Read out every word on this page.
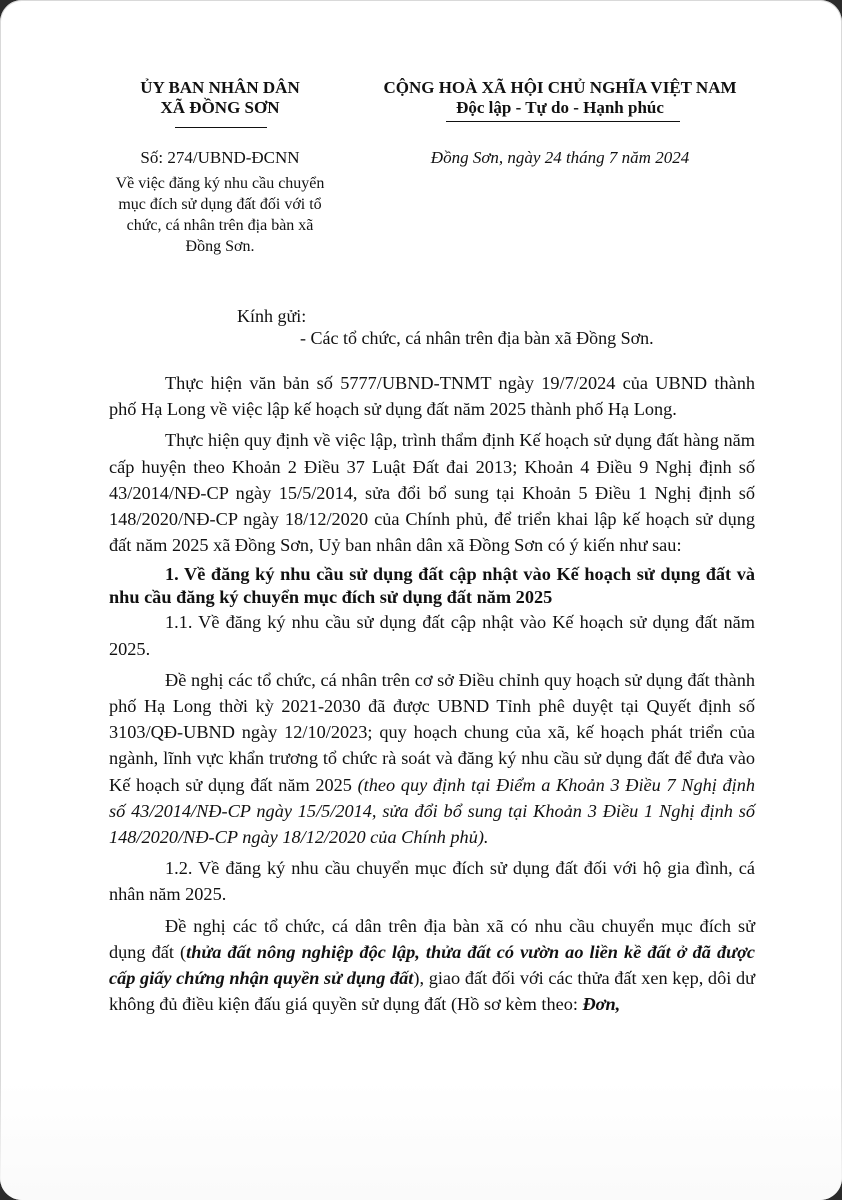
ỦY BAN NHÂN DÂN
XÃ ĐỒNG SƠN
CỘNG HOÀ XÃ HỘI CHỦ NGHĨA VIỆT NAM
Độc lập - Tự do - Hạnh phúc
Số: 274/UBND-ĐCNN	Đồng Sơn, ngày 24 tháng 7 năm 2024
Về việc đăng ký nhu cầu chuyển mục đích sử dụng đất đối với tổ chức, cá nhân trên địa bàn xã Đồng Sơn.
Kính gửi:
- Các tổ chức, cá nhân trên địa bàn xã Đồng Sơn.

Thực hiện văn bản số 5777/UBND-TNMT ngày 19/7/2024 của UBND thành phố Hạ Long về việc lập kế hoạch sử dụng đất năm 2025 thành phố Hạ Long.

Thực hiện quy định về việc lập, trình thẩm định Kế hoạch sử dụng đất hàng năm cấp huyện theo Khoản 2 Điều 37 Luật Đất đai 2013; Khoản 4 Điều 9 Nghị định số 43/2014/NĐ-CP ngày 15/5/2014, sửa đổi bổ sung tại Khoản 5 Điều 1 Nghị định số 148/2020/NĐ-CP ngày 18/12/2020 của Chính phủ, để triển khai lập kế hoạch sử dụng đất năm 2025 xã Đồng Sơn, Uỷ ban nhân dân xã Đồng Sơn có ý kiến như sau:

1. Về đăng ký nhu cầu sử dụng đất cập nhật vào Kế hoạch sử dụng đất và nhu cầu đăng ký chuyển mục đích sử dụng đất năm 2025

1.1. Về đăng ký nhu cầu sử dụng đất cập nhật vào Kế hoạch sử dụng đất năm 2025.

Đề nghị các tổ chức, cá nhân trên cơ sở Điều chỉnh quy hoạch sử dụng đất thành phố Hạ Long thời kỳ 2021-2030 đã được UBND Tỉnh phê duyệt tại Quyết định số 3103/QĐ-UBND ngày 12/10/2023; quy hoạch chung của xã, kế hoạch phát triển của ngành, lĩnh vực khẩn trương tổ chức rà soát và đăng ký nhu cầu sử dụng đất để đưa vào Kế hoạch sử dụng đất năm 2025 (theo quy định tại Điểm a Khoản 3 Điều 7 Nghị định số 43/2014/NĐ-CP ngày 15/5/2014, sửa đổi bổ sung tại Khoản 3 Điều 1 Nghị định số 148/2020/NĐ-CP ngày 18/12/2020 của Chính phủ).

1.2. Về đăng ký nhu cầu chuyển mục đích sử dụng đất đối với hộ gia đình, cá nhân năm 2025.

Đề nghị các tổ chức, cá dân trên địa bàn xã có nhu cầu chuyển mục đích sử dụng đất (thửa đất nông nghiệp độc lập, thửa đất có vườn ao liền kề đất ở đã được cấp giấy chứng nhận quyền sử dụng đất), giao đất đối với các thửa đất xen kẹp, dôi dư không đủ điều kiện đấu giá quyền sử dụng đất (Hồ sơ kèm theo: Đơn,
